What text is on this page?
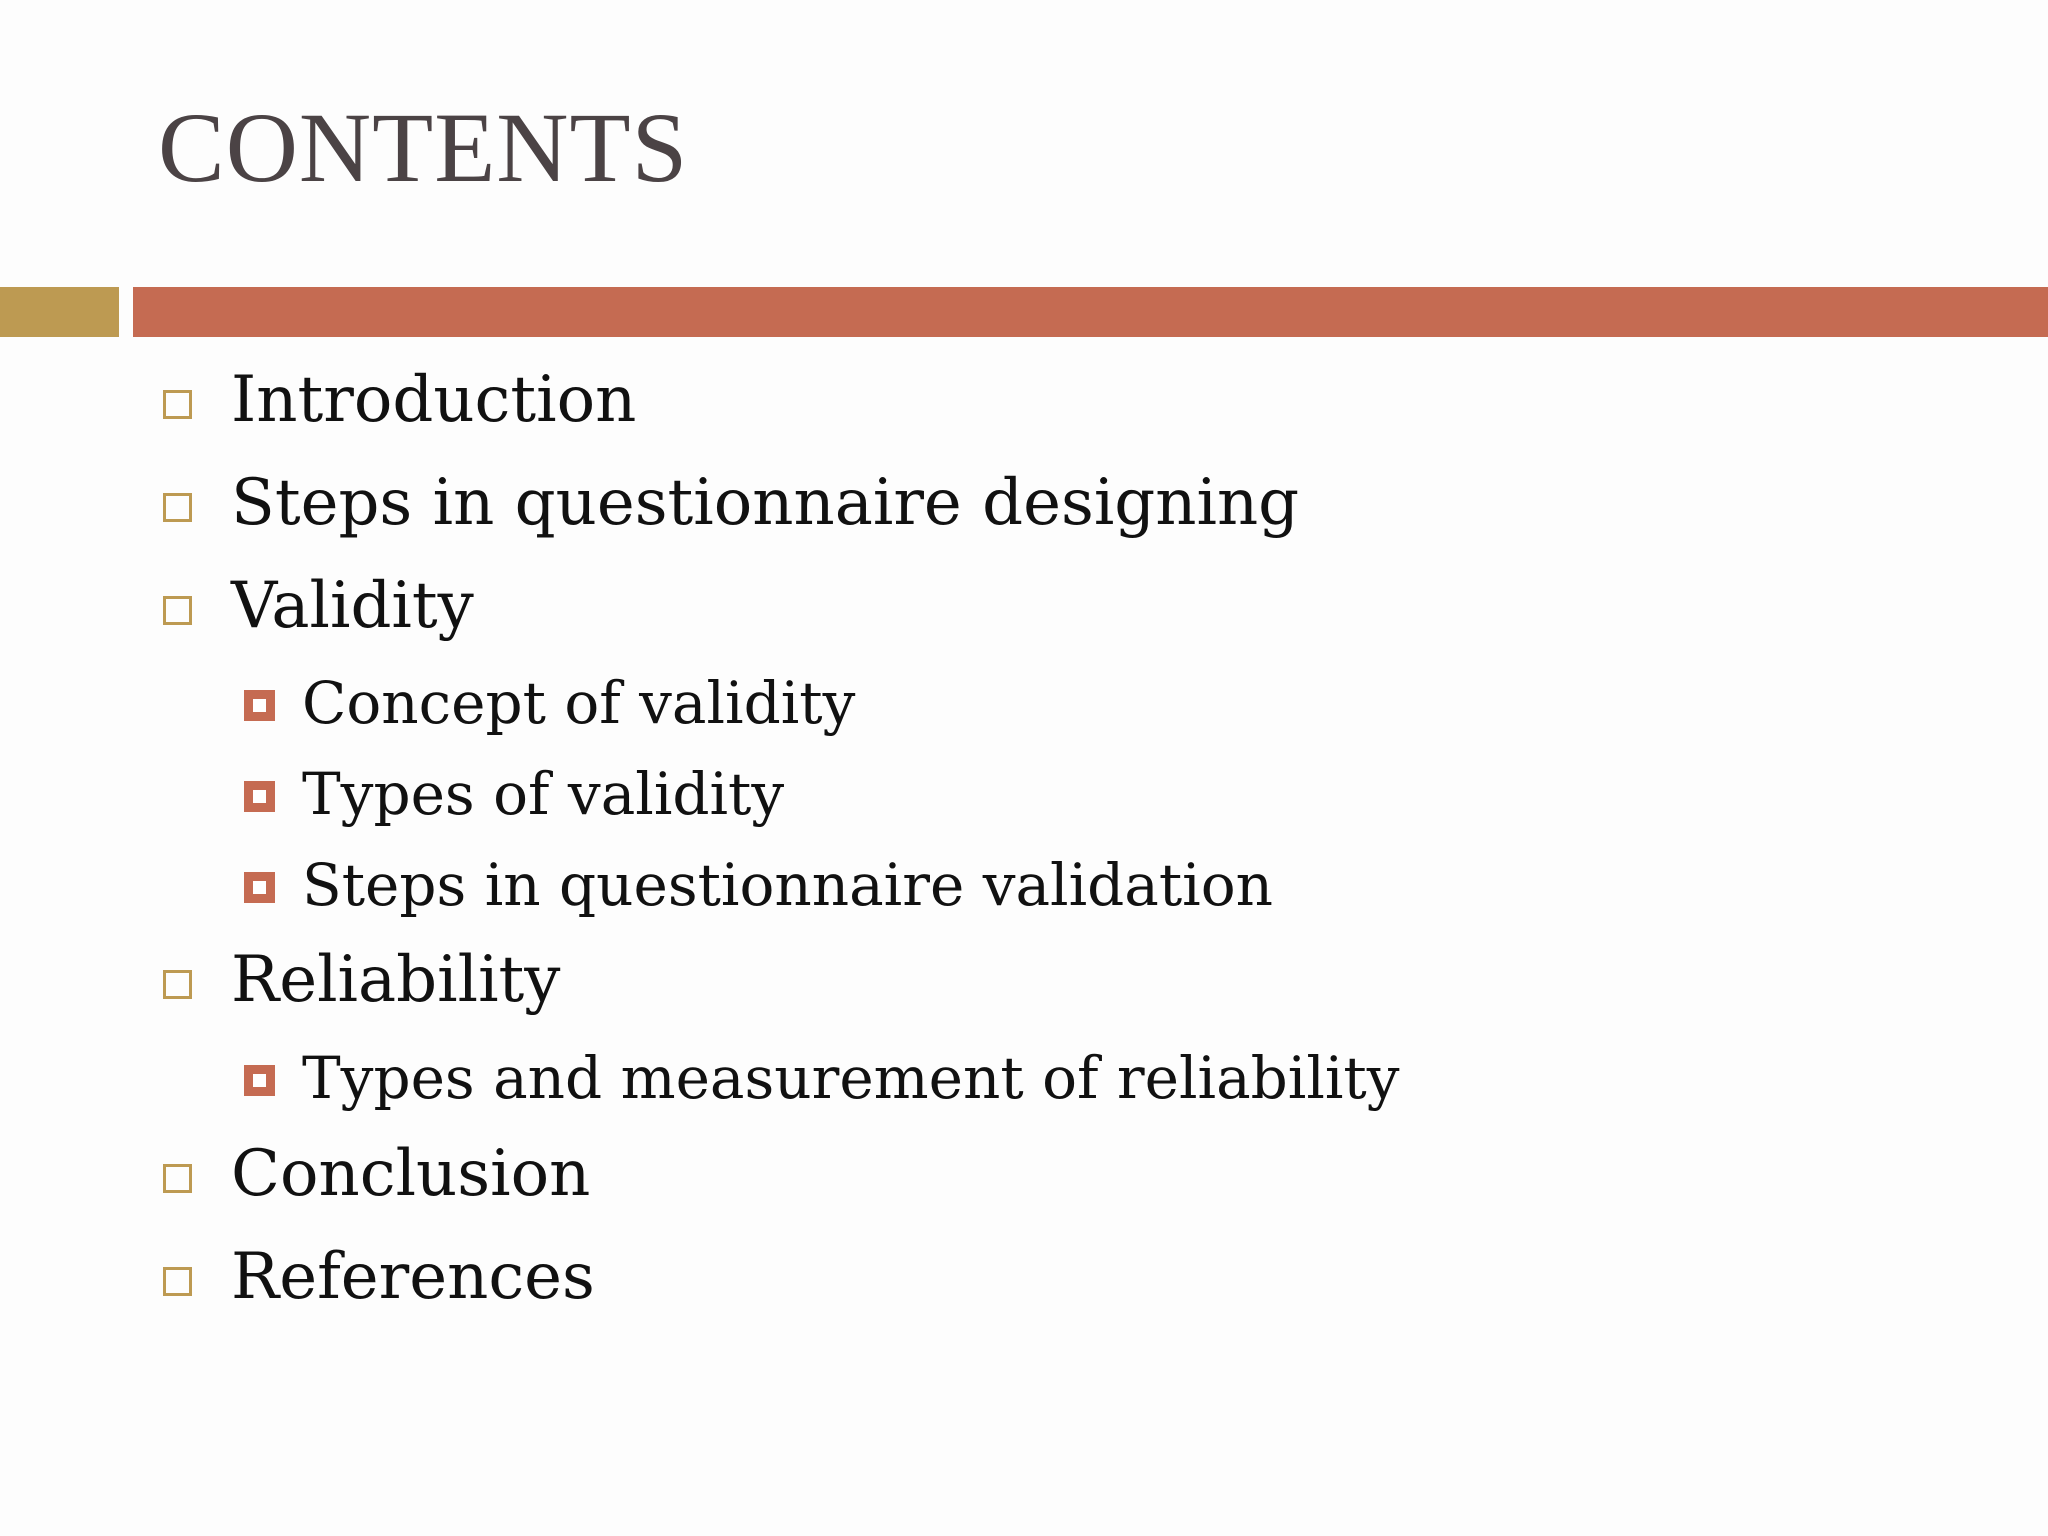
CONTENTS
Introduction
Steps in questionnaire designing
Validity
Concept of validity
Types of validity
Steps in questionnaire validation
Reliability
Types and measurement of reliability
Conclusion
References
